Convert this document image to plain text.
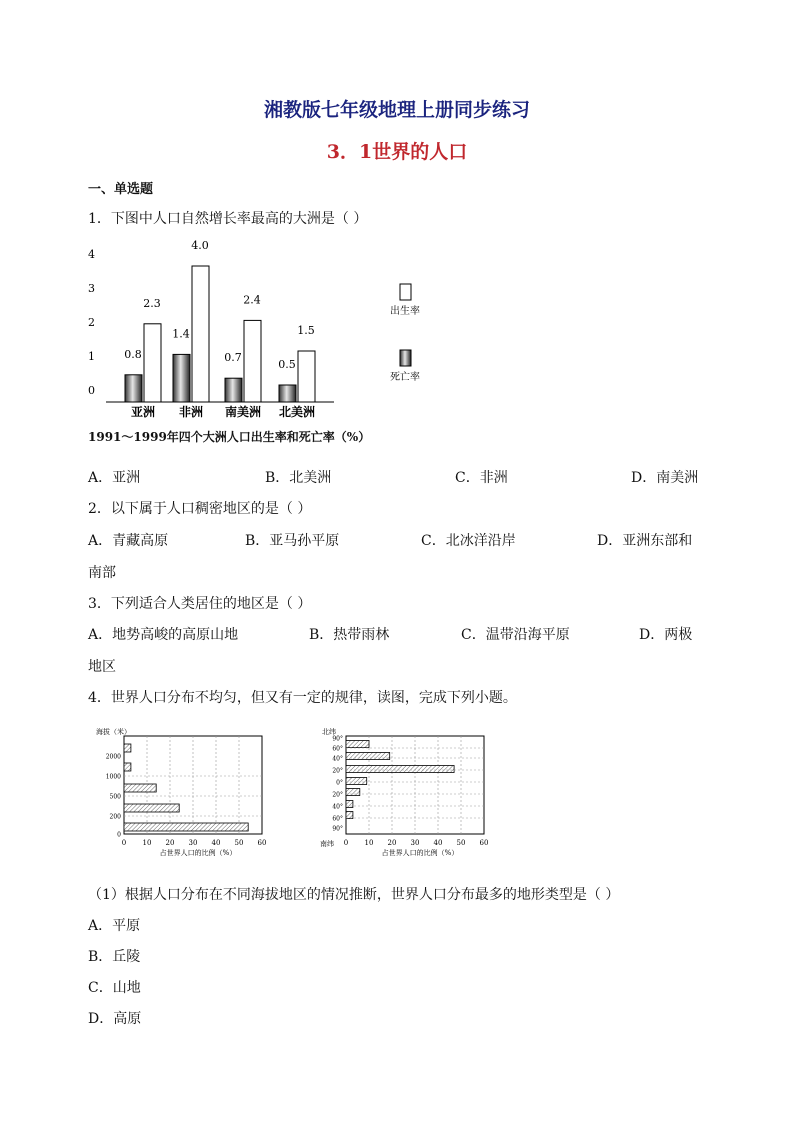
湘教版七年级地理上册同步练习
3．1世界的人口
一、单选题
1．下图中人口自然增长率最高的大洲是（ ）
0
1
2
3
4
0.8
2.3
亚洲
1.4
4.0
非洲
0.7
2.4
南美洲
0.5
1.5
北美洲
出生率
死亡率
1991～1999年四个大洲人口出生率和死亡率（%）
A．亚洲	B．北美洲	C．非洲	D．南美洲
2．以下属于人口稠密地区的是（ ）
A．青藏高原	B．亚马孙平原	C．北冰洋沿岸	D．亚洲东部和
南部
3．下列适合人类居住的地区是（ ）
A．地势高峻的高原山地	B．热带雨林	C．温带沿海平原	D．两极
地区
4．世界人口分布不均匀，但又有一定的规律，读图，完成下列小题。
0 10 20 30 40 50 60
占世界人口的比例（%）
0
200
500
1000
2000
海拔（米）
0 10 20 30 40 50 60
占世界人口的比例（%）
90°
60°
40°
20°
0°
20°
40°
60°
90°
北纬
南纬
（1）根据人口分布在不同海拔地区的情况推断，世界人口分布最多的地形类型是（ ）
A．平原
B．丘陵
C．山地
D．高原
